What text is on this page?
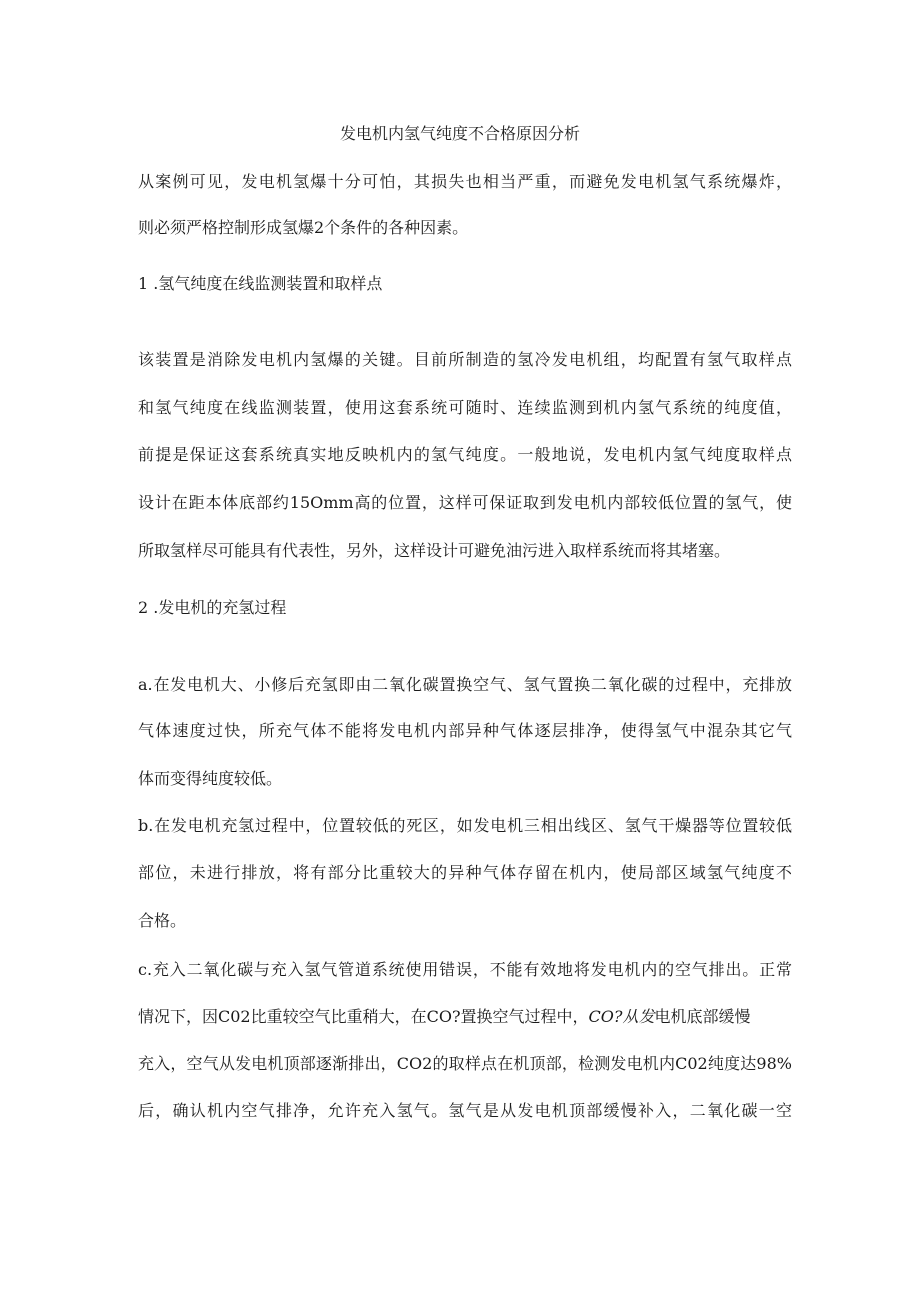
发电机内氢气纯度不合格原因分析
从案例可见，发电机氢爆十分可怕，其损失也相当严重，而避免发电机氢气系统爆炸，
则必须严格控制形成氢爆2个条件的各种因素。
1 .氢气纯度在线监测装置和取样点
该装置是消除发电机内氢爆的关键。目前所制造的氢冷发电机组，均配置有氢气取样点
和氢气纯度在线监测装置，使用这套系统可随时、连续监测到机内氢气系统的纯度值，
前提是保证这套系统真实地反映机内的氢气纯度。一般地说，发电机内氢气纯度取样点
设计在距本体底部约15Omm高的位置，这样可保证取到发电机内部较低位置的氢气，使
所取氢样尽可能具有代表性，另外，这样设计可避免油污进入取样系统而将其堵塞。
2 .发电机的充氢过程
a.在发电机大、小修后充氢即由二氧化碳置换空气、氢气置换二氧化碳的过程中，充排放
气体速度过快，所充气体不能将发电机内部异种气体逐层排净，使得氢气中混杂其它气
体而变得纯度较低。
b.在发电机充氢过程中，位置较低的死区，如发电机三相出线区、氢气干燥器等位置较低
部位，未进行排放，将有部分比重较大的异种气体存留在机内，使局部区域氢气纯度不
合格。
c.充入二氧化碳与充入氢气管道系统使用错误，不能有效地将发电机内的空气排出。正常
情况下，因C02比重较空气比重稍大，在CO?置换空气过程中，CO?从发电机底部缓慢
充入，空气从发电机顶部逐渐排出，CO2的取样点在机顶部，检测发电机内C02纯度达98%
后，确认机内空气排净，允许充入氢气。氢气是从发电机顶部缓慢补入，二氧化碳一空
